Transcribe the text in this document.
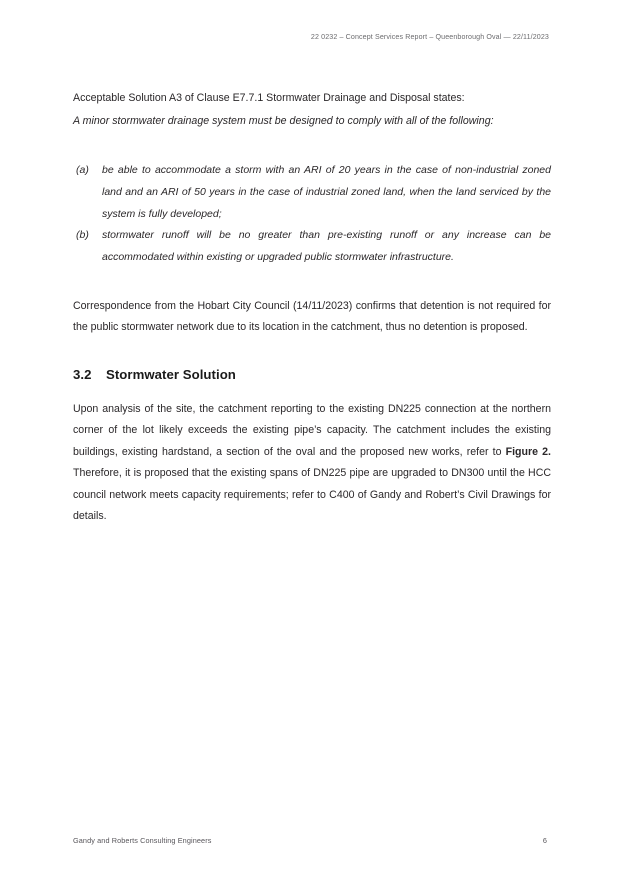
22 0232 – Concept Services Report – Queenborough Oval — 22/11/2023

Acceptable Solution A3 of Clause E7.7.1 Stormwater Drainage and Disposal states:

A minor stormwater drainage system must be designed to comply with all of the following:

(a)	be able to accommodate a storm with an ARI of 20 years in the case of non-industrial zoned land and an ARI of 50 years in the case of industrial zoned land, when the land serviced by the system is fully developed;
(b)	stormwater runoff will be no greater than pre-existing runoff or any increase can be accommodated within existing or upgraded public stormwater infrastructure.

Correspondence from the Hobart City Council (14/11/2023) confirms that detention is not required for the public stormwater network due to its location in the catchment, thus no detention is proposed.

3.2	Stormwater Solution

Upon analysis of the site, the catchment reporting to the existing DN225 connection at the northern corner of the lot likely exceeds the existing pipe’s capacity. The catchment includes the existing buildings, existing hardstand, a section of the oval and the proposed new works, refer to Figure 2. Therefore, it is proposed that the existing spans of DN225 pipe are upgraded to DN300 until the HCC council network meets capacity requirements; refer to C400 of Gandy and Robert’s Civil Drawings for details.

Gandy and Roberts Consulting Engineers	6
